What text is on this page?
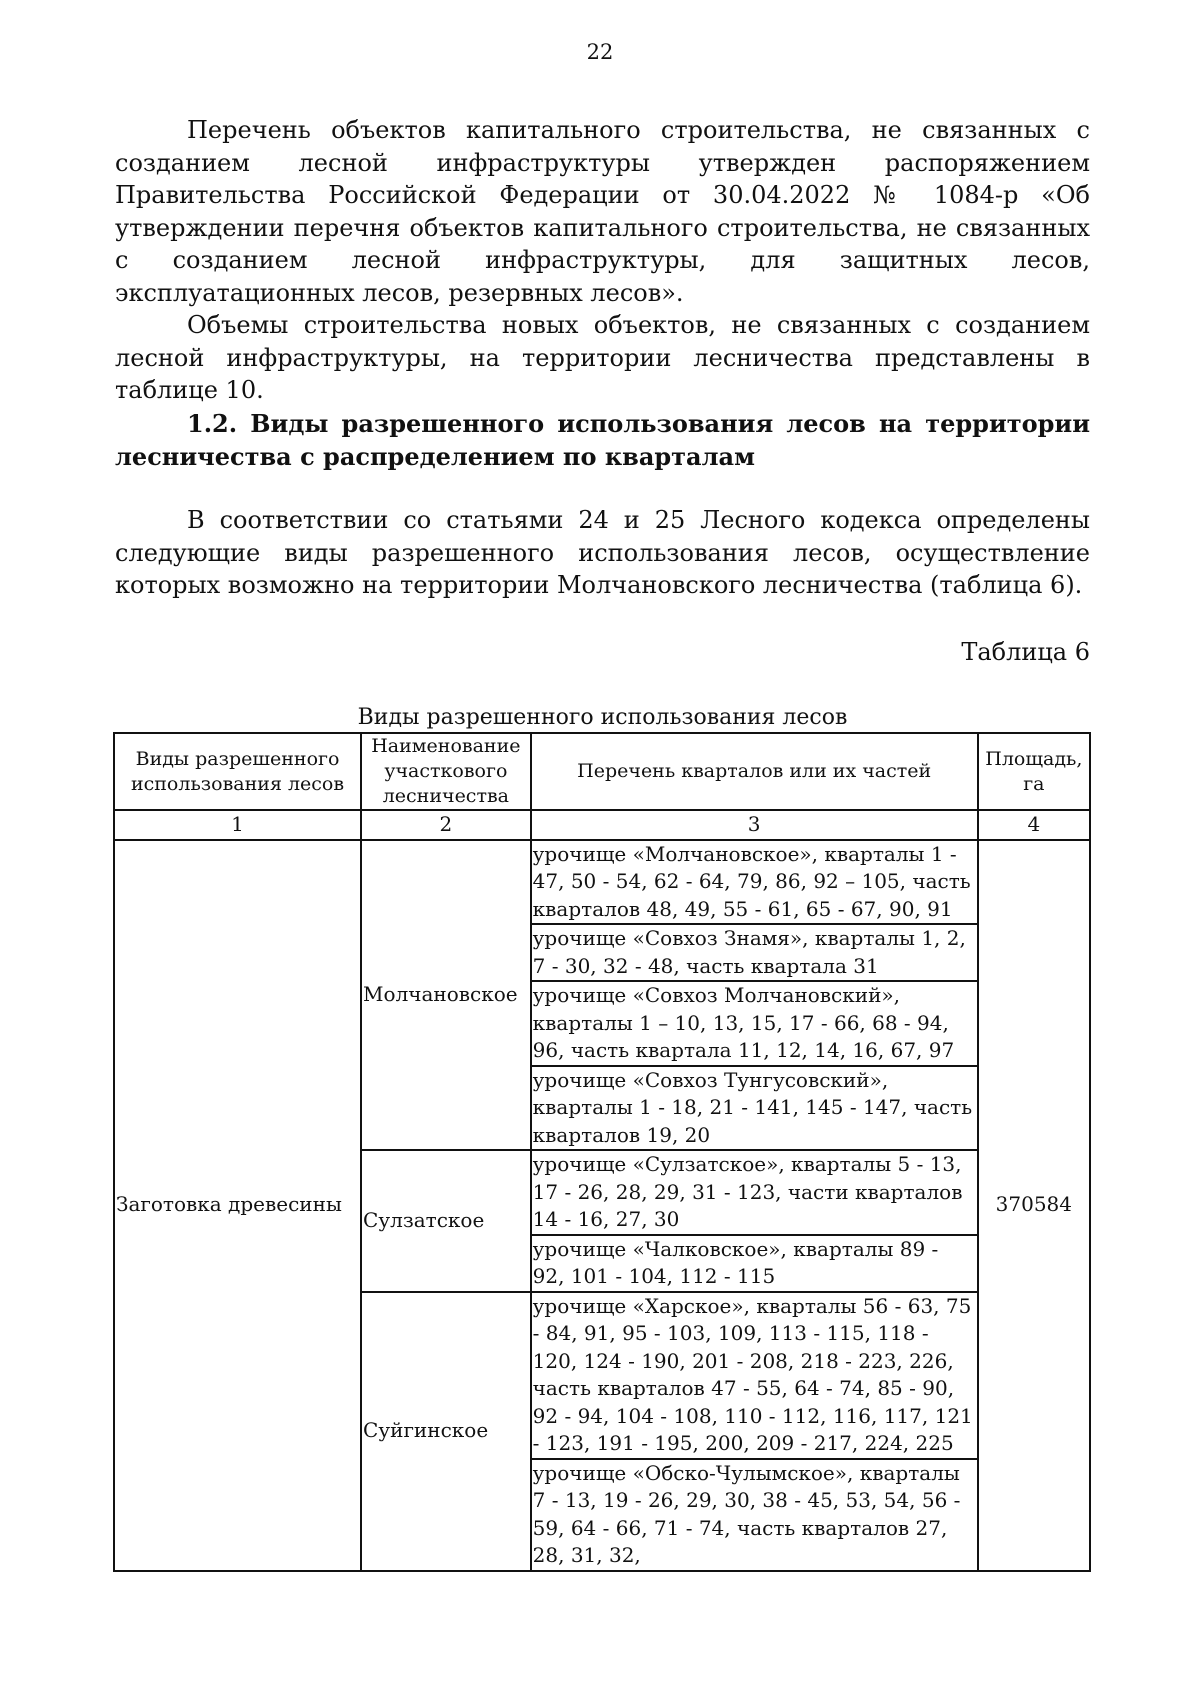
22

Перечень объектов капитального строительства, не связанных с созданием лесной инфраструктуры утвержден распоряжением Правительства Российской Федерации от 30.04.2022 № 1084-р «Об утверждении перечня объектов капитального строительства, не связанных с созданием лесной инфраструктуры, для защитных лесов, эксплуатационных лесов, резервных лесов».

Объемы строительства новых объектов, не связанных с созданием лесной инфраструктуры, на территории лесничества представлены в таблице 10.

1.2. Виды разрешенного использования лесов на территории лесничества с распределением по кварталам

В соответствии со статьями 24 и 25 Лесного кодекса определены следующие виды разрешенного использования лесов, осуществление которых возможно на территории Молчановского лесничества (таблица 6).

Таблица 6
Виды разрешенного использования лесов
Виды разрешенного использования лесов	Наименование участкового лесничества	Перечень кварталов или их частей	Площадь, га
1	2	3	4
Заготовка древесины	Молчановское	урочище «Молчановское», кварталы 1 - 47, 50 - 54, 62 - 64, 79, 86, 92 – 105, часть кварталов 48, 49, 55 - 61, 65 - 67, 90, 91	370584
		урочище «Совхоз Знамя», кварталы 1, 2, 7 - 30, 32 - 48, часть квартала 31	
		урочище «Совхоз Молчановский», кварталы 1 – 10, 13, 15, 17 - 66, 68 - 94, 96, часть квартала 11, 12, 14, 16, 67, 97	
		урочище «Совхоз Тунгусовский», кварталы 1 - 18, 21 - 141, 145 - 147, часть кварталов 19, 20	
	Сулзатское	урочище «Сулзатское», кварталы 5 - 13, 17 - 26, 28, 29, 31 - 123, части кварталов 14 - 16, 27, 30	
		урочище «Чалковское», кварталы 89 - 92, 101 - 104, 112 - 115	
	Суйгинское	урочище «Харское», кварталы 56 - 63, 75 - 84, 91, 95 - 103, 109, 113 - 115, 118 - 120, 124 - 190, 201 - 208, 218 - 223, 226, часть кварталов 47 - 55, 64 - 74, 85 - 90, 92 - 94, 104 - 108, 110 - 112, 116, 117, 121 - 123, 191 - 195, 200, 209 - 217, 224, 225	
		урочище «Обско-Чулымское», кварталы 7 - 13, 19 - 26, 29, 30, 38 - 45, 53, 54, 56 - 59, 64 - 66, 71 - 74, часть кварталов 27, 28, 31, 32,	
